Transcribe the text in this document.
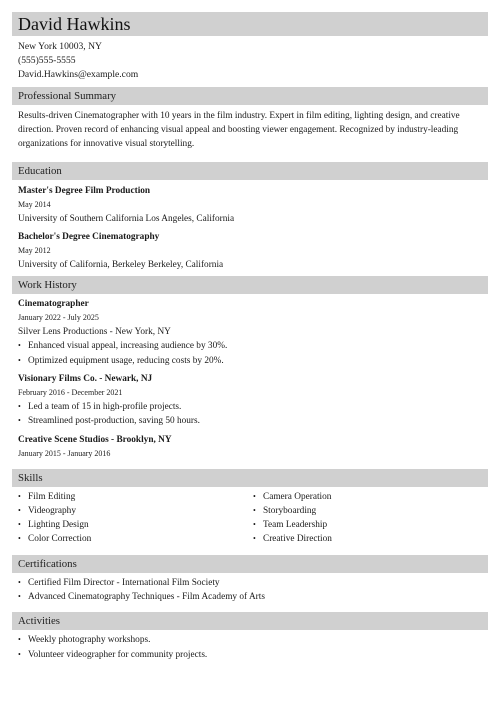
David Hawkins
New York 10003, NY
(555)555-5555
David.Hawkins@example.com
Professional Summary
Results-driven Cinematographer with 10 years in the film industry. Expert in film editing, lighting design, and creative direction. Proven record of enhancing visual appeal and boosting viewer engagement. Recognized by industry-leading organizations for innovative visual storytelling.
Education
Master's Degree Film Production
May 2014
University of Southern California Los Angeles, California
Bachelor's Degree Cinematography
May 2012
University of California, Berkeley Berkeley, California
Work History
Cinematographer
January 2022 - July 2025
Silver Lens Productions - New York, NY
• Enhanced visual appeal, increasing audience by 30%.
• Optimized equipment usage, reducing costs by 20%.
Visionary Films Co. - Newark, NJ
February 2016 - December 2021
• Led a team of 15 in high-profile projects.
• Streamlined post-production, saving 50 hours.
Creative Scene Studios - Brooklyn, NY
January 2015 - January 2016
Skills
• Film Editing
• Videography
• Lighting Design
• Color Correction
• Camera Operation
• Storyboarding
• Team Leadership
• Creative Direction
Certifications
• Certified Film Director - International Film Society
• Advanced Cinematography Techniques - Film Academy of Arts
Activities
• Weekly photography workshops.
• Volunteer videographer for community projects.
